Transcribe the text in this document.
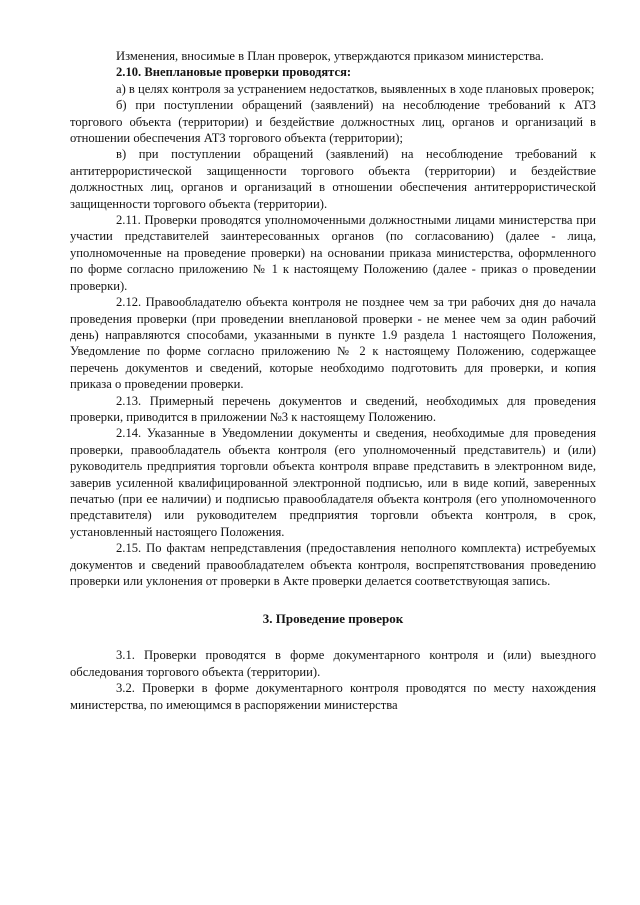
Изменения, вносимые в План проверок, утверждаются приказом министерства.

2.10. Внеплановые проверки проводятся:

а) в целях контроля за устранением недостатков, выявленных в ходе плановых проверок;

б) при поступлении обращений (заявлений) на несоблюдение требований к АТЗ торгового объекта (территории) и бездействие должностных лиц, органов и организаций в отношении обеспечения АТЗ торгового объекта (территории);

в) при поступлении обращений (заявлений) на несоблюдение требований к антитеррористической защищенности торгового объекта (территории) и бездействие должностных лиц, органов и организаций в отношении обеспечения антитеррористической защищенности торгового объекта (территории).

2.11. Проверки проводятся уполномоченными должностными лицами министерства при участии представителей заинтересованных органов (по согласованию) (далее - лица, уполномоченные на проведение проверки) на основании приказа министерства, оформленного по форме согласно приложению № 1 к настоящему Положению (далее - приказ о проведении проверки).

2.12. Правообладателю объекта контроля не позднее чем за три рабочих дня до начала проведения проверки (при проведении внеплановой проверки - не менее чем за один рабочий день) направляются способами, указанными в пункте 1.9 раздела 1 настоящего Положения, Уведомление по форме согласно приложению № 2 к настоящему Положению, содержащее перечень документов и сведений, которые необходимо подготовить для проверки, и копия приказа о проведении проверки.

2.13. Примерный перечень документов и сведений, необходимых для проведения проверки, приводится в приложении №3 к настоящему Положению.

2.14. Указанные в Уведомлении документы и сведения, необходимые для проведения проверки, правообладатель объекта контроля (его уполномоченный представитель) и (или) руководитель предприятия торговли объекта контроля вправе представить в электронном виде, заверив усиленной квалифицированной электронной подписью, или в виде копий, заверенных печатью (при ее наличии) и подписью правообладателя объекта контроля (его уполномоченного представителя) или руководителем предприятия торговли объекта контроля, в срок, установленный настоящего Положения.

2.15. По фактам непредставления (предоставления неполного комплекта) истребуемых документов и сведений правообладателем объекта контроля, воспрепятствования проведению проверки или уклонения от проверки в Акте проверки делается соответствующая запись.

3. Проведение проверок

3.1. Проверки проводятся в форме документарного контроля и (или) выездного обследования торгового объекта (территории).

3.2. Проверки в форме документарного контроля проводятся по месту нахождения министерства, по имеющимся в распоряжении министерства
